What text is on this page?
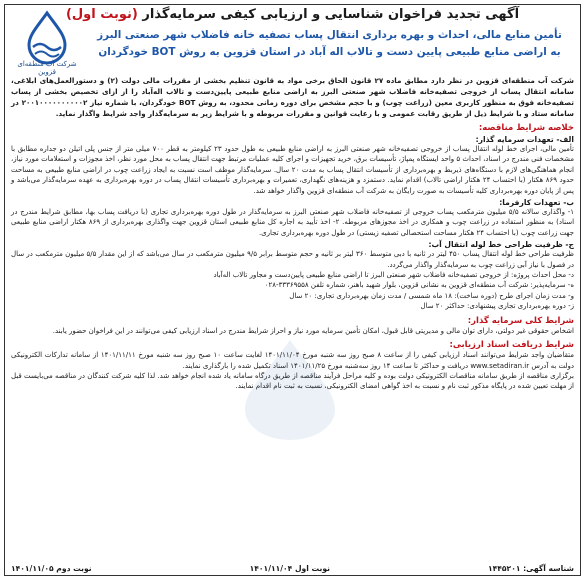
آگهی تجدید فراخوان شناسایی و ارزیابی کیفی سرمایه‌گذار (نوبت اول)
تأمین منابع مالی، احداث و بهره برداری انتقال پساب تصفیه خانه فاضلاب شهر صنعتی البرز
به اراضی منابع طبیعی پایین دست و تالاب اله آباد در استان قزوین به روش BOT خودگردان
شرکت آب منطقه‌ای قزوین
شرکت آب منطقه‌ای قزوین در نظر دارد مطابق ماده ۲۷ قانون الحاق برخی مواد به قانون تنظیم بخشی از مقررات مالی دولت (۲) و دستورالعمل‌های ابلاغی، سامانه انتقال پساب از خروجی تصفیه‌خانه فاضلاب شهر صنعتی البرز به اراضی منابع طبیعی پایین‌دست و تالاب اله‌آباد را از ازای تخصیص بخشی از پساب تصفیه‌خانه فوق به منظور کاربری معین (زراعت چوب) و با حجم مشخص برای دوره زمانی محدود، به روش BOT خودگردان، با شماره نیاز ۲۰۰۱۰۰۰۰۰۰۰۰۰۰۲ در سامانه ستاد و با شرایط ذیل از طریق رقابت عمومی و با رعایت قوانین و مقررات مربوطه و با شرایط زیر به سرمایه‌گذار واجد شرایط واگذار نماید.
خلاصه شرایط مناقصه:
الف- تعهدات سرمایه گذار:
تأمین مالی، اجرای خط لوله انتقال پساب از خروجی تصفیه‌خانه شهر صنعتی البرز به اراضی منابع طبیعی به طول حدود ۲۳ کیلومتر به قطر ۷۰۰ میلی متر از جنس پلی اتیلن دو جداره مطابق با مشخصات فنی مندرج در اسناد، احداث ۵ واحد ایستگاه پمپاژ، تأسیسات برق، خرید تجهیزات و اجرای کلیه عملیات مرتبط جهت انتقال پساب به محل مورد نظر، اخذ مجوزات و استعلامات مورد نیاز، انجام هماهنگی‌های لازم با دستگاه‌های ذیربط و بهره‌برداری از تأسیسات انتقال پساب به مدت ۲۰ سال. سرمایه‌گذار موظف است نسبت به ایجاد زراعت چوب در اراضی منابع طبیعی به مساحت حدود ۸۶۹ هکتار (با احتساب ۲۴ هکتار اراضی تالاب) اقدام نماید. دستمزد و هزینه‌های نگهداری، تعمیرات و بهره‌برداری تأسیسات انتقال پساب در دوره بهره‌برداری به عهده سرمایه‌گذار می‌باشد و پس از پایان دوره بهره‌برداری کلیه تأسیسات به صورت رایگان به شرکت آب منطقه‌ای قزوین واگذار خواهد شد.
ب- تعهدات کارفرما:
۱- واگذاری سالانه ۵/۵ میلیون مترمکعب پساب خروجی از تصفیه‌خانه فاضلاب شهر صنعتی البرز به سرمایه‌گذار در طول دوره بهره‌برداری تجاری (با دریافت پساب بها، مطابق شرایط مندرج در اسناد) به منظور استفاده در زراعت چوب و همکاری در اخذ مجوزهای مربوطه. ۲- اخذ تأیید به اجاره کل منابع طبیعی استان قزوین جهت واگذاری بهره‌برداری از ۸۶۹ هکتار اراضی منابع طبیعی جهت زراعت چوب (با احتساب ۲۴ هکتار مساحت استحصالی تصفیه زیستی) در طول دوره بهره‌برداری تجاری.
ج- ظرفیت طراحی خط لوله انتقال آب:
ظرفیت طراحی خط لوله انتقال پساب ۴۵۰ لیتر در ثانیه با دبی متوسط ۳۶۰ لیتر بر ثانیه و حجم متوسط برابر ۹/۵ میلیون مترمکعب در سال می‌باشد که از این مقدار ۵/۵ میلیون مترمکعب در سال در فصول با نیاز آبی زراعت چوب به سرمایه‌گذار واگذار می‌گردد.
د- محل احداث پروژه: از خروجی تصفیه‌خانه فاضلاب شهر صنعتی البرز تا اراضی منابع طبیعی پایین‌دست و مجاور تالاب اله‌آباد
ه- سرمایه‌پذیر: شرکت آب منطقه‌ای قزوین به نشانی قزوین، بلوار شهید باهنر، شماره تلفن ۳۳۳۶۹۵۵۸-۰۲۸
و- مدت زمان اجرای طرح (دوره ساخت): ۱۸ ماه شمسی / مدت زمان بهره‌برداری تجاری: ۲۰ سال
ز- دوره بهره‌برداری تجاری پیشنهادی: حداکثر ۲۰ سال
شرایط کلی سرمایه گذار:
اشخاص حقوقی غیر دولتی، دارای توان مالی و مدیریتی قابل قبول، امکان تأمین سرمایه مورد نیاز و احراز شرایط مندرج در اسناد ارزیابی کیفی می‌توانند در این فراخوان حضور یابند.
شرایط دریافت اسناد ارزیابی:
متقاضیان واجد شرایط می‌توانند اسناد ارزیابی کیفی را از ساعت ۸ صبح روز سه شنبه مورخ ۱۴۰۱/۱۱/۰۴ لغایت ساعت ۱۰ صبح روز سه شنبه مورخ ۱۴۰۱/۱۱/۱۱ از سامانه تدارکات الکترونیکی دولت به آدرس www.setadiran.ir دریافت و حداکثر تا ساعت ۱۴ روز سه‌شنبه مورخ ۱۴۰۱/۱۱/۲۵ اسناد تکمیل شده را بارگذاری نمایند.
برگزاری مناقصه از طریق سامانه مناقصات الکترونیکی دولت بوده و کلیه مراحل فرآیند مناقصه از طریق درگاه سامانه یاد شده انجام خواهد شد. لذا کلیه شرکت کنندگان در مناقصه می‌بایست قبل از مهلت تعیین شده در پایگاه مذکور ثبت نام و نسبت به اخذ گواهی امضای الکترونیکی، نسبت به ثبت نام اقدام نمایند.
شناسه آگهی: ۱۴۴۵۲۰۱
نوبت اول ۱۴۰۱/۱۱/۰۴
نوبت دوم ۱۴۰۱/۱۱/۰۵
